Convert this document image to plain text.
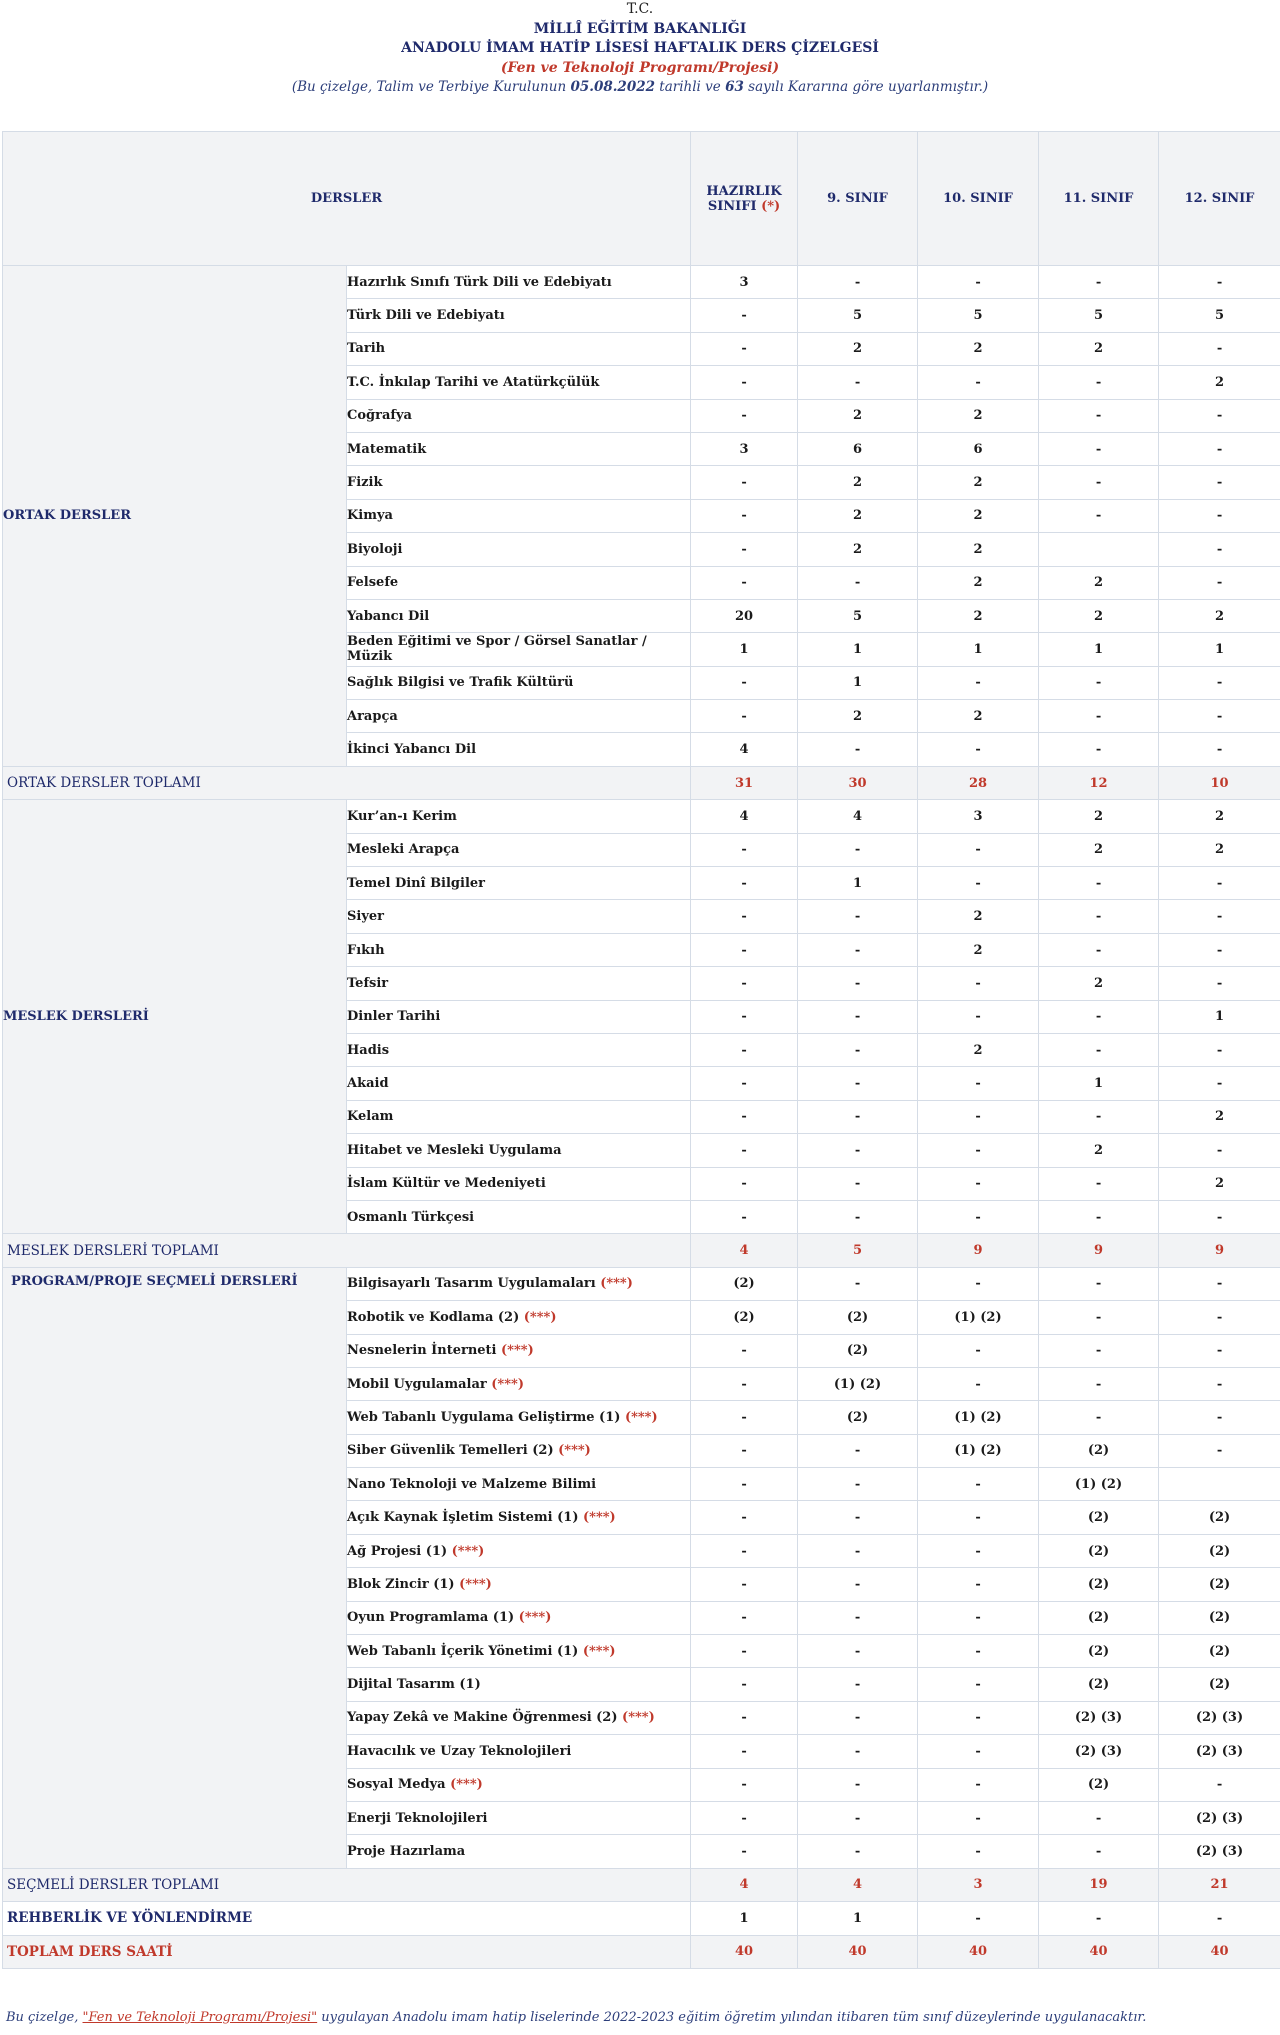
T.C.
MİLLÎ EĞİTİM BAKANLIĞI
ANADOLU İMAM HATİP LİSESİ HAFTALIK DERS ÇİZELGESİ
(Fen ve Teknoloji Programı/Projesi)
(Bu çizelge, Talim ve Terbiye Kurulunun 05.08.2022 tarihli ve 63 sayılı Kararına göre uyarlanmıştır.)
DERSLER		HAZIRLIK SINIFI (*)	9. SINIF	10. SINIF	11. SINIF	12. SINIF
ORTAK DERSLER	Hazırlık Sınıfı Türk Dili ve Edebiyatı	3	-	-	-	-
	Türk Dili ve Edebiyatı	-	5	5	5	5
	Tarih	-	2	2	2	-
	T.C. İnkılap Tarihi ve Atatürkçülük	-	-	-	-	2
	Coğrafya	-	2	2	-	-
	Matematik	3	6	6	-	-
	Fizik	-	2	2	-	-
	Kimya	-	2	2	-	-
	Biyoloji	-	2	2		-
	Felsefe	-	-	2	2	-
	Yabancı Dil	20	5	2	2	2
	Beden Eğitimi ve Spor / Görsel Sanatlar / Müzik	1	1	1	1	1
	Sağlık Bilgisi ve Trafik Kültürü	-	1	-	-	-
	Arapça	-	2	2	-	-
	İkinci Yabancı Dil	4	-	-	-	-
ORTAK DERSLER TOPLAMI		31	30	28	12	10
MESLEK DERSLERİ	Kur’an-ı Kerim	4	4	3	2	2
	Mesleki Arapça	-	-	-	2	2
	Temel Dinî Bilgiler	-	1	-	-	-
	Siyer	-	-	2	-	-
	Fıkıh	-	-	2	-	-
	Tefsir	-	-	-	2	-
	Dinler Tarihi	-	-	-	-	1
	Hadis	-	-	2	-	-
	Akaid	-	-	-	1	-
	Kelam	-	-	-	-	2
	Hitabet ve Mesleki Uygulama	-	-	-	2	-
	İslam Kültür ve Medeniyeti	-	-	-	-	2
	Osmanlı Türkçesi	-	-	-	-	-
MESLEK DERSLERİ TOPLAMI		4	5	9	9	9
PROGRAM/PROJE SEÇMELİ DERSLERİ	Bilgisayarlı Tasarım Uygulamaları (***)	(2)	-	-	-	-
	Robotik ve Kodlama (2) (***)	(2)	(2)	(1) (2)	-	-
	Nesnelerin İnterneti (***)	-	(2)	-	-	-
	Mobil Uygulamalar (***)	-	(1) (2)	-	-	-
	Web Tabanlı Uygulama Geliştirme (1) (***)	-	(2)	(1) (2)	-	-
	Siber Güvenlik Temelleri (2) (***)	-	-	(1) (2)	(2)	-
	Nano Teknoloji ve Malzeme Bilimi	-	-	-	(1) (2)	
	Açık Kaynak İşletim Sistemi (1) (***)	-	-	-	(2)	(2)
	Ağ Projesi (1) (***)	-	-	-	(2)	(2)
	Blok Zincir (1) (***)	-	-	-	(2)	(2)
	Oyun Programlama (1) (***)	-	-	-	(2)	(2)
	Web Tabanlı İçerik Yönetimi (1) (***)	-	-	-	(2)	(2)
	Dijital Tasarım (1)	-	-	-	(2)	(2)
	Yapay Zekâ ve Makine Öğrenmesi (2) (***)	-	-	-	(2) (3)	(2) (3)
	Havacılık ve Uzay Teknolojileri	-	-	-	(2) (3)	(2) (3)
	Sosyal Medya (***)	-	-	-	(2)	-
	Enerji Teknolojileri	-	-	-	-	(2) (3)
	Proje Hazırlama	-	-	-	-	(2) (3)
SEÇMELİ DERSLER TOPLAMI		4	4	3	19	21
REHBERLİK VE YÖNLENDİRME		1	1	-	-	-
TOPLAM DERS SAATİ		40	40	40	40	40
Bu çizelge, "Fen ve Teknoloji Programı/Projesi" uygulayan Anadolu imam hatip liselerinde 2022-2023 eğitim öğretim yılından itibaren tüm sınıf düzeylerinde uygulanacaktır.
